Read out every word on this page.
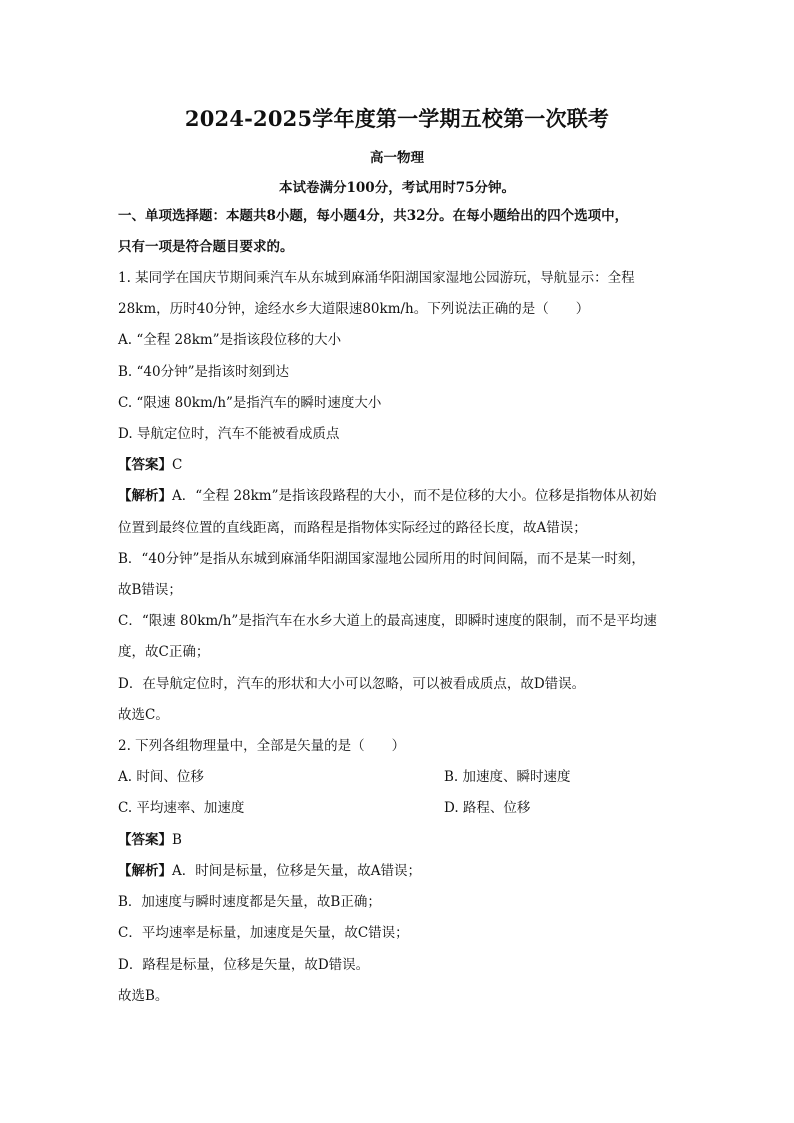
2024-2025学年度第一学期五校第一次联考
高一物理
本试卷满分100分，考试用时75分钟。
一、单项选择题：本题共8小题，每小题4分，共32分。在每小题给出的四个选项中，
只有一项是符合题目要求的。
1. 某同学在国庆节期间乘汽车从东城到麻涌华阳湖国家湿地公园游玩，导航显示：全程
28km，历时40分钟，途经水乡大道限速80km/h。下列说法正确的是（　　）
A. “全程 28km”是指该段位移的大小
B. “40分钟”是指该时刻到达
C. “限速 80km/h”是指汽车的瞬时速度大小
D. 导航定位时，汽车不能被看成质点
【答案】C
【解析】A．“全程 28km”是指该段路程的大小，而不是位移的大小。位移是指物体从初始
位置到最终位置的直线距离，而路程是指物体实际经过的路径长度，故A错误；
B．“40分钟”是指从东城到麻涌华阳湖国家湿地公园所用的时间间隔，而不是某一时刻，
故B错误；
C．“限速 80km/h”是指汽车在水乡大道上的最高速度，即瞬时速度的限制，而不是平均速
度，故C正确；
D．在导航定位时，汽车的形状和大小可以忽略，可以被看成质点，故D错误。
故选C。
2. 下列各组物理量中，全部是矢量的是（　　）
A. 时间、位移	B. 加速度、瞬时速度
C. 平均速率、加速度	D. 路程、位移
【答案】B
【解析】A．时间是标量，位移是矢量，故A错误；
B．加速度与瞬时速度都是矢量，故B正确；
C．平均速率是标量，加速度是矢量，故C错误；
D．路程是标量，位移是矢量，故D错误。
故选B。
